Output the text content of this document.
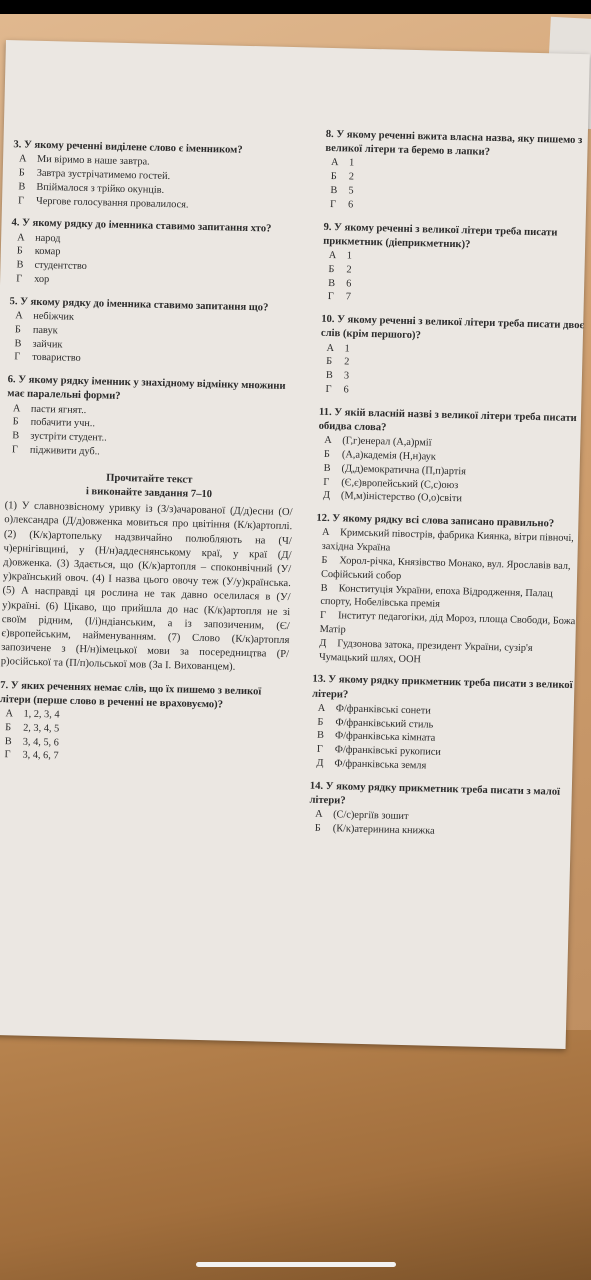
3. У якому реченні виділене слово є іменником?
А Ми віримо в наше завтра.
Б Завтра зустрічатимемо гостей.
В Впіймалося з трійко окунців.
Г Чергове голосування провалилося.
4. У якому рядку до іменника ставимо запитання хто?
А народ
Б комар
В студентство
Г хор
5. У якому рядку до іменника ставимо запитання що?
А небіжчик
Б павук
В зайчик
Г товариство
6. У якому рядку іменник у знахідному відмінку множини має паралельні форми?
А пасти ягнят..
Б побачити учн..
В зустріти студент..
Г підживити дуб..
Прочитайте текст
і виконайте завдання 7–10
(1) У славнозвісному уривку із (З/з)ачарованої (Д/д)есни (О/о)лександра (Д/д)овженка мовиться про цвітіння (К/к)артоплі. (2) (К/к)артопельку надзвичайно полюбляють на (Ч/ч)ернігівщині, у (Н/н)аддеснянському краї, у краї (Д/д)овженка. (3) Здається, що (К/к)артопля – споконвічний (У/у)країнський овоч. (4) І назва цього овочу теж (У/у)країнська. (5) А насправді ця рослина не так давно оселилася в (У/у)країні. (6) Цікаво, що прийшла до нас (К/к)артопля не зі своїм рідним, (І/і)ндіанським, а із запозиченим, (Є/є)вропейським, найменуванням. (7) Слово (К/к)артопля запозичене з (Н/н)імецької мови за посередництва (Р/р)осійської та (П/п)ольської мов (За І. Вихованцем).
7. У яких реченнях немає слів, що їх пишемо з великої літери (перше слово в реченні не враховуємо)?
А 1, 2, 3, 4
Б 2, 3, 4, 5
В 3, 4, 5, 6
Г 3, 4, 6, 7
8. У якому реченні вжита власна назва, яку пишемо з великої літери та беремо в лапки?
А 1
Б 2
В 5
Г 6
9. У якому реченні з великої літери треба писати прикметник (діеприкметник)?
А 1
Б 2
В 6
Г 7
10. У якому реченні з великої літери треба писати двоє слів (крім першого)?
А 1
Б 2
В 3
Г 6
11. У якій власній назві з великої літери треба писати обидва слова?
А (Г,г)енерал (А,а)рмії
Б (А,а)кадемія (Н,н)аук
В (Д,д)емократична (П,п)артія
Г (Є,є)вропейський (С,с)оюз
Д (М,м)іністерство (О,о)світи
12. У якому рядку всі слова записано правильно?
А Кримський півострів, фабрика Киянка, вітри півночі, західна Україна
Б Хорол-річка, Князівство Монако, вул. Ярославів вал, Софійський собор
В Конституція України, епоха Відродження, Палац спорту, Нобелівська премія
Г Інститут педагогіки, дід Мороз, площа Свободи, Божа Матір
Д Гудзонова затока, президент України, сузір'я Чумацький шлях, ООН
13. У якому рядку прикметник треба писати з великої літери?
А Ф/франківські сонети
Б Ф/франківський стиль
В Ф/франківська кімната
Г Ф/франківські рукописи
Д Ф/франківська земля
14. У якому рядку прикметник треба писати з малої літери?
А (С/с)ергіїв зошит
Б (К/к)атеринина книжка
